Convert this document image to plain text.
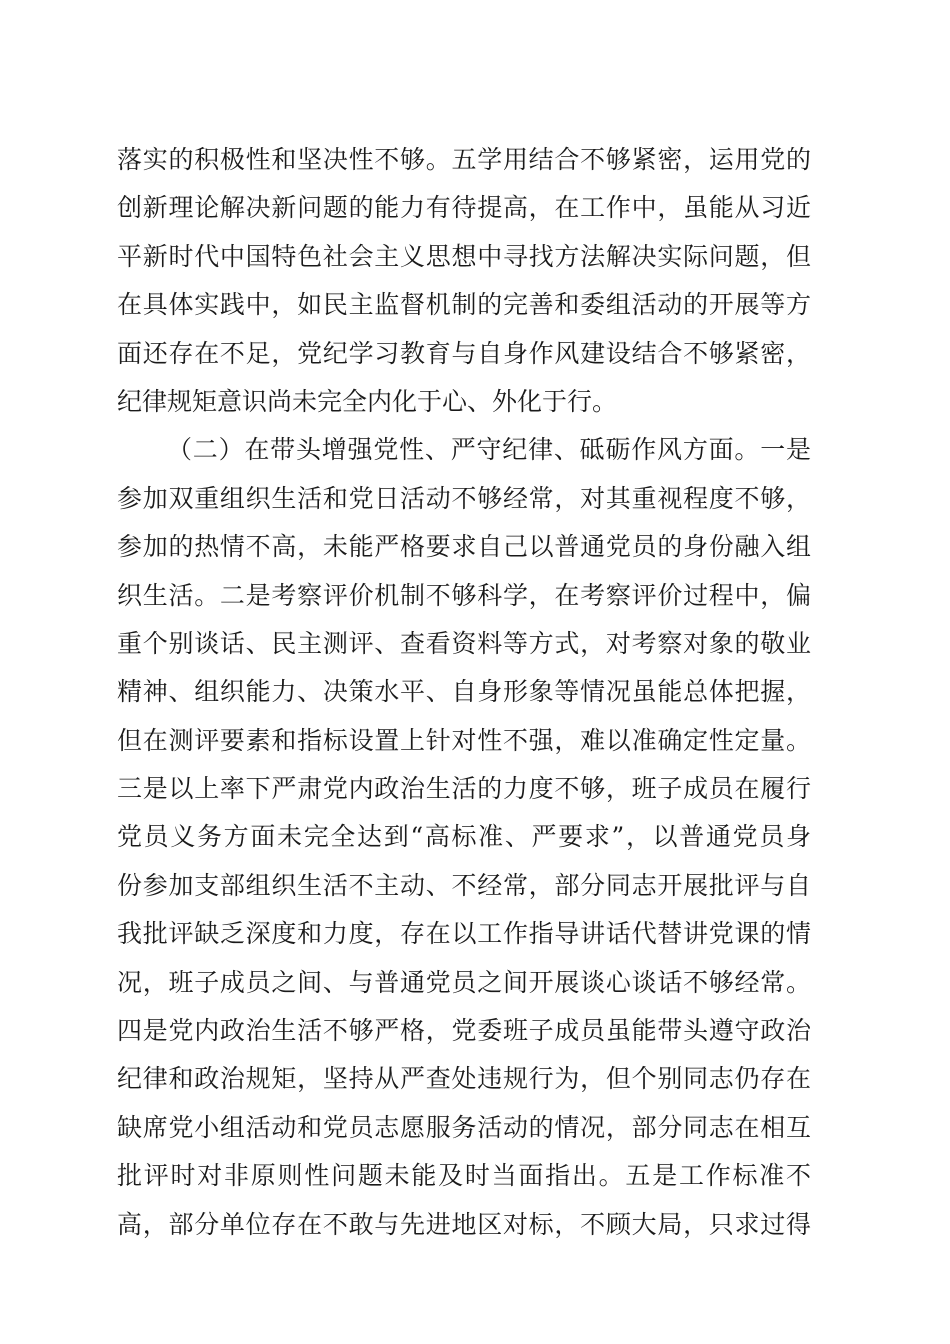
落实的积极性和坚决性不够。五学用结合不够紧密，运用党的
创新理论解决新问题的能力有待提高，在工作中，虽能从习近
平新时代中国特色社会主义思想中寻找方法解决实际问题，但
在具体实践中，如民主监督机制的完善和委组活动的开展等方
面还存在不足，党纪学习教育与自身作风建设结合不够紧密，
纪律规矩意识尚未完全内化于心、外化于行。
（二）在带头增强党性、严守纪律、砥砺作风方面。一是
参加双重组织生活和党日活动不够经常，对其重视程度不够，
参加的热情不高，未能严格要求自己以普通党员的身份融入组
织生活。二是考察评价机制不够科学，在考察评价过程中，偏
重个别谈话、民主测评、查看资料等方式，对考察对象的敬业
精神、组织能力、决策水平、自身形象等情况虽能总体把握，
但在测评要素和指标设置上针对性不强，难以准确定性定量。
三是以上率下严肃党内政治生活的力度不够，班子成员在履行
党员义务方面未完全达到“高标准、严要求”，以普通党员身
份参加支部组织生活不主动、不经常，部分同志开展批评与自
我批评缺乏深度和力度，存在以工作指导讲话代替讲党课的情
况，班子成员之间、与普通党员之间开展谈心谈话不够经常。
四是党内政治生活不够严格，党委班子成员虽能带头遵守政治
纪律和政治规矩，坚持从严查处违规行为，但个别同志仍存在
缺席党小组活动和党员志愿服务活动的情况，部分同志在相互
批评时对非原则性问题未能及时当面指出。五是工作标准不
高，部分单位存在不敢与先进地区对标，不顾大局，只求过得
